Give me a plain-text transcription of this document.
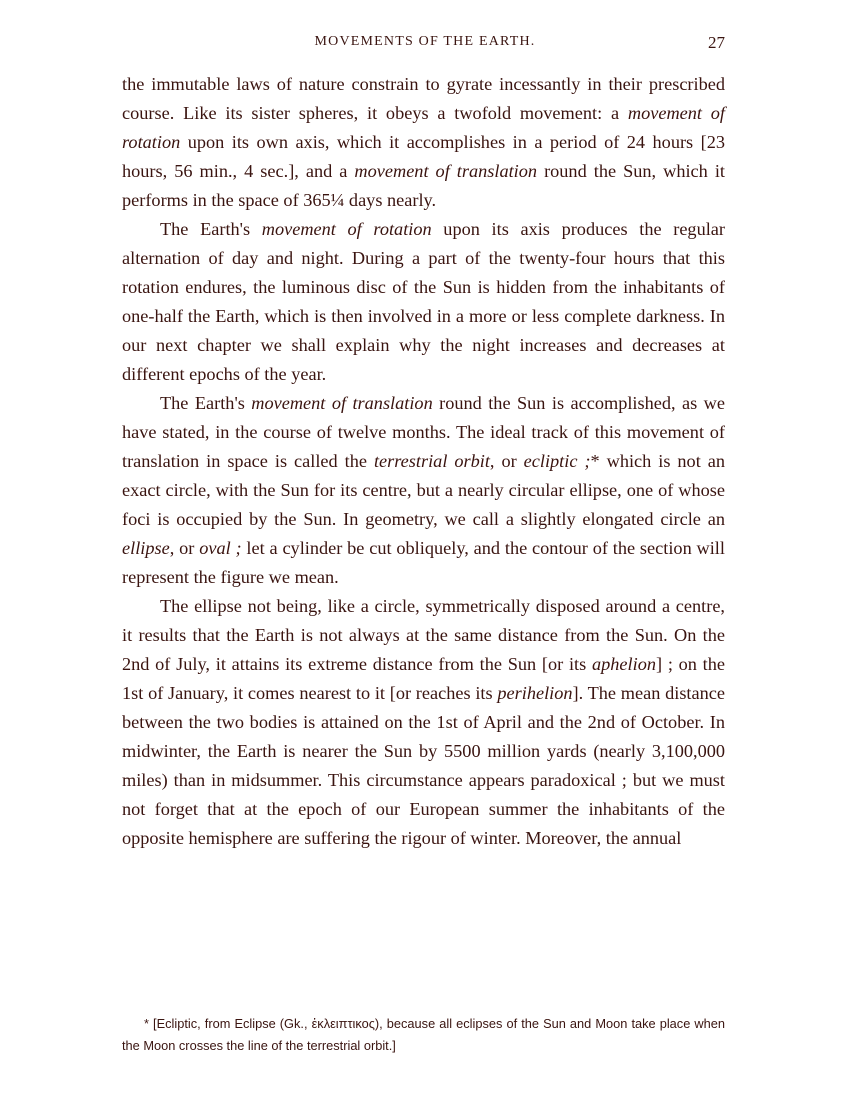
MOVEMENTS OF THE EARTH.	27

the immutable laws of nature constrain to gyrate incessantly in their prescribed course. Like its sister spheres, it obeys a twofold movement: a movement of rotation upon its own axis, which it accomplishes in a period of 24 hours [23 hours, 56 min., 4 sec.], and a movement of translation round the Sun, which it performs in the space of 365¼ days nearly.

The Earth's movement of rotation upon its axis produces the regular alternation of day and night. During a part of the twenty-four hours that this rotation endures, the luminous disc of the Sun is hidden from the inhabitants of one-half the Earth, which is then involved in a more or less complete darkness. In our next chapter we shall explain why the night increases and decreases at different epochs of the year.

The Earth's movement of translation round the Sun is accomplished, as we have stated, in the course of twelve months. The ideal track of this movement of translation in space is called the terrestrial orbit, or ecliptic ;* which is not an exact circle, with the Sun for its centre, but a nearly circular ellipse, one of whose foci is occupied by the Sun. In geometry, we call a slightly elongated circle an ellipse, or oval ; let a cylinder be cut obliquely, and the contour of the section will represent the figure we mean.

The ellipse not being, like a circle, symmetrically disposed around a centre, it results that the Earth is not always at the same distance from the Sun. On the 2nd of July, it attains its extreme distance from the Sun [or its aphelion] ; on the 1st of January, it comes nearest to it [or reaches its perihelion]. The mean distance between the two bodies is attained on the 1st of April and the 2nd of October. In midwinter, the Earth is nearer the Sun by 5500 million yards (nearly 3,100,000 miles) than in midsummer. This circumstance appears paradoxical ; but we must not forget that at the epoch of our European summer the inhabitants of the opposite hemisphere are suffering the rigour of winter. Moreover, the annual

* [Ecliptic, from Eclipse (Gk., ἐκλειπτικος), because all eclipses of the Sun and Moon take place when the Moon crosses the line of the terrestrial orbit.]
